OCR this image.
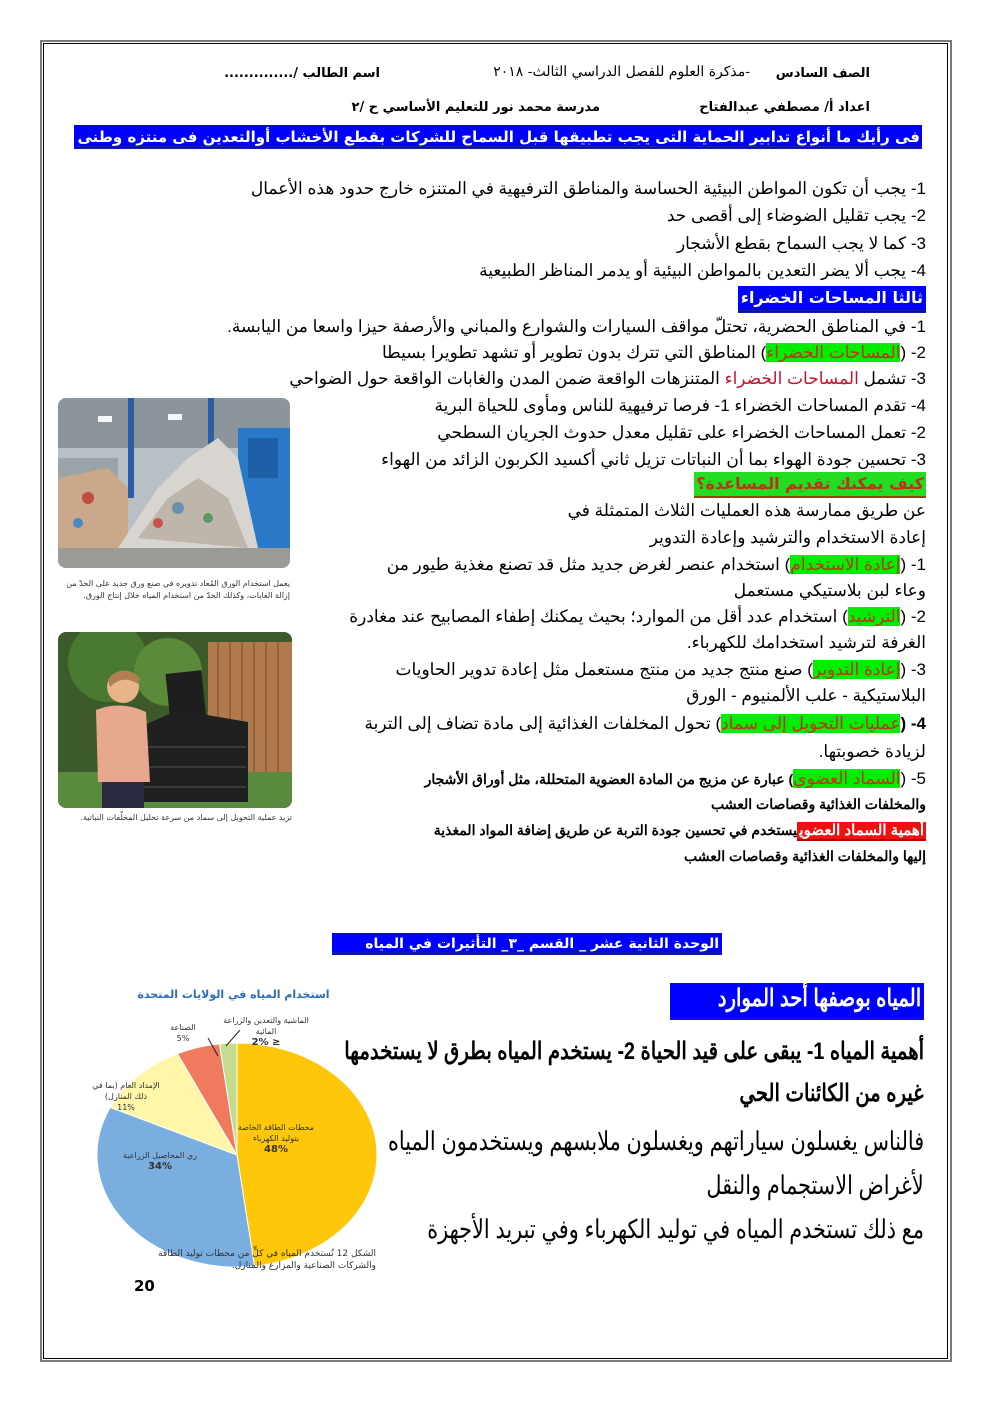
الصف السادس
-مذكرة العلوم للفصل الدراسي الثالث- ٢٠١٨
اسم الطالب /..............
اعداد أ/ مصطفي عبدالفتاح
مدرسة محمد نور للتعليم الأساسي ح /٢
فى رأيك ما أنواع تدابير الحماية التى يجب تطبيقها قبل السماح للشركات بقطع الأخشاب أوالتعدين فى منتزه وطنى ؟
1- يجب أن تكون المواطن البيئية الحساسة والمناطق الترفيهية في المتنزه خارج حدود هذه الأعمال
2- يجب تقليل الضوضاء إلى أقصى حد
3- كما لا يجب السماح بقطع الأشجار
4- يجب ألا يضر التعدين بالمواطن البيئية أو يدمر المناظر الطبيعية
ثالثا المساحات الخضراء
1- في المناطق الحضرية، تحتلّ مواقف السيارات والشوارع والمباني والأرصفة حيزا واسعا من اليابسة.
2- (المساحات الخضراء) المناطق التي تترك بدون تطوير أو تشهد تطويرا بسيطا
3- تشمل المساحات الخضراء المتنزهات الواقعة ضمن المدن والغابات الواقعة حول الضواحي
4- تقدم المساحات الخضراء 1- فرصا ترفيهية للناس ومأوى للحياة البرية
2- تعمل المساحات الخضراء على تقليل معدل حدوث الجريان السطحي
3- تحسين جودة الهواء بما أن النباتات تزيل ثاني أكسيد الكربون الزائد من الهواء
كيف يمكنك تقديم المساعدة؟
عن طريق ممارسة هذه العمليات الثلاث المتمثلة في
إعادة الاستخدام والترشيد وإعادة التدوير
1- (إعادة الاستخدام) استخدام عنصر لغرض جديد مثل قد تصنع مغذية طيور من
وعاء لبن بلاستيكي مستعمل
2- (الترشيد) استخدام عدد أقل من الموارد؛ بحيث يمكنك إطفاء المصابيح عند مغادرة
الغرفة لترشيد استخدامك للكهرباء.
3- (إعادة التدوير) صنع منتج جديد من منتج مستعمل مثل إعادة تدوير الحاويات
البلاستيكية - علب الألمنيوم - الورق
4- (عمليات التحويل إلى سماد) تحول المخلفات الغذائية إلى مادة تضاف إلى التربة
لزيادة خصوبتها.
5- (السماد العضوي) عبارة عن مزيج من المادة العضوية المتحللة، مثل أوراق الأشجار
والمخلفات الغذائية وقصاصات العشب
أهمية السماد العضوييستخدم في تحسين جودة التربة عن طريق إضافة المواد المغذية
إليها والمخلفات الغذائية وقصاصات العشب
يعمل استخدام الورق المُعاد تدويره في صنع ورق جديد على الحدّ من إزالة الغابات، وكذلك الحدّ من استخدام المياه خلال إنتاج الورق.
تزيد عملية التحويل إلى سماد من سرعة تحليل المخلّفات النباتية.
الوحدة الثانية عشر _ القسم _٣_ التأثيرات في المياه
المياه بوصفها أحد الموارد
أهمية المياه 1- يبقى على قيد الحياة 2- يستخدم المياه بطرق لا يستخدمها
غيره من الكائنات الحي
فالناس يغسلون سياراتهم ويغسلون ملابسهم ويستخدمون المياه
لأغراض الاستجمام والنقل
مع ذلك تستخدم المياه في توليد الكهرباء وفي تبريد الأجهزة
استخدام المياه في الولايات المتحدة
الماشية والتعدين والزراعة المائية
≤ 2%
الصناعة
5%
الإمداد العام (بما في ذلك المنازل)
11%
ري المحاصيل الزراعية
34%
محطات الطاقة الخاصة بتوليد الكهرباء
48%
الشكل 12 تُستخدم المياه في كلٍّ من محطات توليد الطاقة
والشركات الصناعية والمزارع والمنازل.
20
